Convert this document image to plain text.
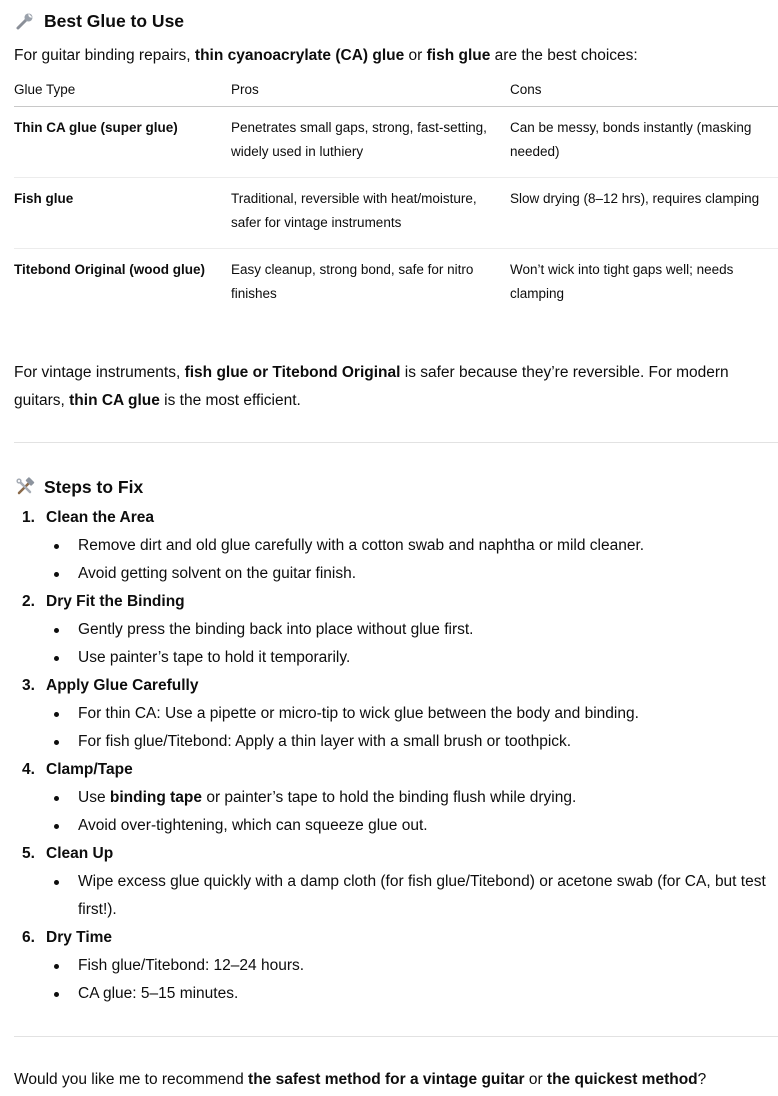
Best Glue to Use

For guitar binding repairs, thin cyanoacrylate (CA) glue or fish glue are the best choices:

Glue Type	Pros	Cons
Thin CA glue (super glue)	Penetrates small gaps, strong, fast-setting, widely used in luthiery	Can be messy, bonds instantly (masking needed)
Fish glue	Traditional, reversible with heat/moisture, safer for vintage instruments	Slow drying (8–12 hrs), requires clamping
Titebond Original (wood glue)	Easy cleanup, strong bond, safe for nitro finishes	Won’t wick into tight gaps well; needs clamping

For vintage instruments, fish glue or Titebond Original is safer because they’re reversible. For modern guitars, thin CA glue is the most efficient.

Steps to Fix
1. Clean the Area
Remove dirt and old glue carefully with a cotton swab and naphtha or mild cleaner.
Avoid getting solvent on the guitar finish.
2. Dry Fit the Binding
Gently press the binding back into place without glue first.
Use painter’s tape to hold it temporarily.
3. Apply Glue Carefully
For thin CA: Use a pipette or micro-tip to wick glue between the body and binding.
For fish glue/Titebond: Apply a thin layer with a small brush or toothpick.
4. Clamp/Tape
Use binding tape or painter’s tape to hold the binding flush while drying.
Avoid over-tightening, which can squeeze glue out.
5. Clean Up
Wipe excess glue quickly with a damp cloth (for fish glue/Titebond) or acetone swab (for CA, but test first!).
6. Dry Time
Fish glue/Titebond: 12–24 hours.
CA glue: 5–15 minutes.

Would you like me to recommend the safest method for a vintage guitar or the quickest method?
